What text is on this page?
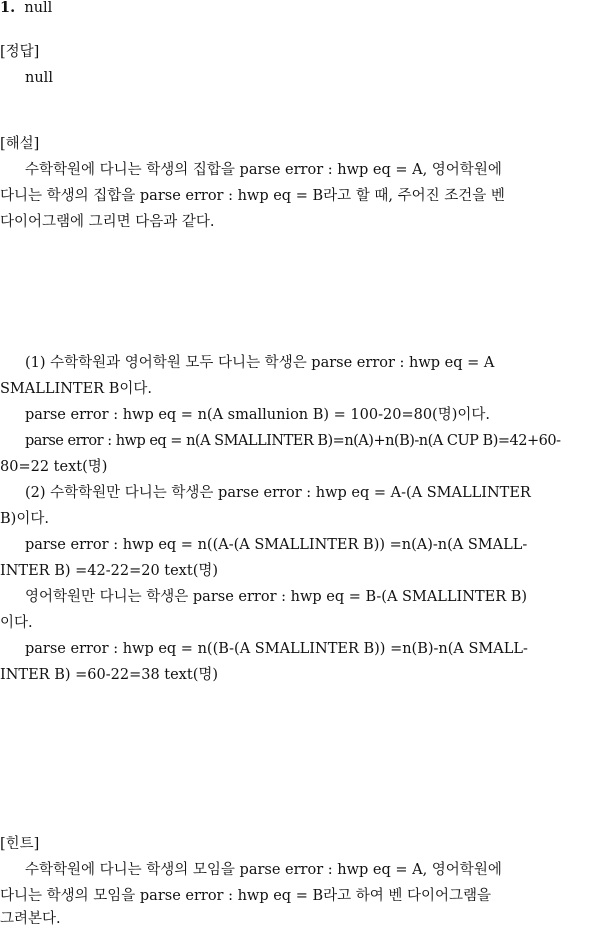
1. null
[정답]
null
[해설]
수학학원에 다니는 학생의 집합을 parse error : hwp eq = A, 영어학원에
다니는 학생의 집합을 parse error : hwp eq = B라고 할 때, 주어진 조건을 벤
다이어그램에 그리면 다음과 같다.
(1) 수학학원과 영어학원 모두 다니는 학생은 parse error : hwp eq = A
SMALLINTER B이다.
parse error : hwp eq = n(A smallunion B) = 100-20=80(명)이다.
parse error : hwp eq = n(A SMALLINTER B)=n(A)+n(B)-n(A CUP B)=42+60-
80=22 text(명)
(2) 수학학원만 다니는 학생은 parse error : hwp eq = A-(A SMALLINTER
B)이다.
parse error : hwp eq = n((A-(A SMALLINTER B)) =n(A)-n(A SMALL-
INTER B) =42-22=20 text(명)
영어학원만 다니는 학생은 parse error : hwp eq = B-(A SMALLINTER B)
이다.
parse error : hwp eq = n((B-(A SMALLINTER B)) =n(B)-n(A SMALL-
INTER B) =60-22=38 text(명)
[힌트]
수학학원에 다니는 학생의 모임을 parse error : hwp eq = A, 영어학원에
다니는 학생의 모임을 parse error : hwp eq = B라고 하여 벤 다이어그램을
그려본다.
